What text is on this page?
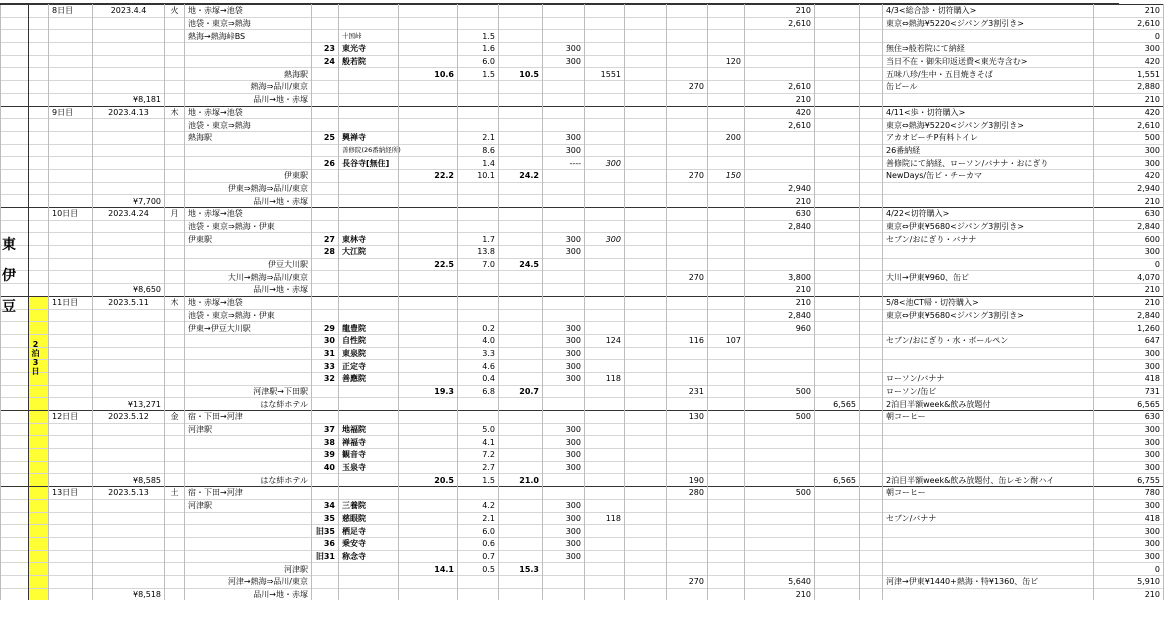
		8日目	2023.4.4	火	地・赤塚→池袋											210			4/3<総合診・切符購入>	210
					池袋・東京⇒熱海											2,610			東京⇔熱海¥5220<ジパング3割引き>	2,610
					熱海→熱海峠BS		十国峠		1.5											0
						23	東光寺		1.6		300								無住⇒般若院にて納経	300
						24	般若院		6.0		300				120				当日不在・御朱印返送費<東光寺含む>	420
					熱海駅			10.6	1.5	10.5		1551							五味八珍/生中・五目焼きそば	1,551
					熱海⇒品川/東京									270		2,610			缶ビール	2,880
			¥8,181		品川→地・赤塚											210				210
		9日目	2023.4.13	木	地・赤塚→池袋											420			4/11<歩・切符購入>	420
					池袋・東京⇒熱海											2,610			東京⇔熱海¥5220<ジパング3割引き>	2,610
					熱海駅	25	興禅寺		2.1		300				200				アカオビーチP有料トイレ	500
							善修院(26番納経所)		8.6		300								26番納経	300
						26	長谷寺[無住]		1.4		----	300							善修院にて納経、ローソン/バナナ・おにぎり	300
					伊東駅			22.2	10.1	24.2				270	150				NewDays/缶ビ・チーカマ	420
					伊東⇒熱海⇒品川/東京											2,940				2,940
			¥7,700		品川→地・赤塚											210				210
		10日目	2023.4.24	月	地・赤塚→池袋											630			4/22<切符購入>	630
					池袋・東京⇒熱海・伊東											2,840			東京⇔伊東¥5680<ジパング3割引き>	2,840
					伊東駅	27	東林寺		1.7		300	300							セブン/おにぎり・バナナ	600
						28	大江院		13.8		300									300
					伊豆大川駅			22.5	7.0	24.5										0
					大川→熱海⇒品川/東京									270		3,800			大川→伊東¥960、缶ビ	4,070
			¥8,650		品川→地・赤塚											210				210
		11日目	2023.5.11	木	地・赤塚→池袋											210			5/8<池CT帰・切符購入>	210
					池袋・東京⇒熱海・伊東											2,840			東京⇔伊東¥5680<ジパング3割引き>	2,840
					伊東→伊豆大川駅	29	龍豊院		0.2		300					960				1,260
						30	自性院		4.0		300	124		116	107				セブン/おにぎり・水・ボールペン	647
						31	東泉院		3.3		300									300
						33	正定寺		4.6		300									300
						32	善應院		0.4		300	118							ローソン/バナナ	418
					河津駅→下田駅			19.3	6.8	20.7				231		500			ローソン/缶ビ	731
			¥13,271		はな絆ホテル												6,565		2泊目半額week&飲み放題付	6,565
		12日目	2023.5.12	金	宿・下田→河津									130		500			朝コーヒー	630
					河津駅	37	地福院		5.0		300									300
						38	禅福寺		4.1		300									300
						39	観音寺		7.2		300									300
						40	玉泉寺		2.7		300									300
			¥8,585		はな絆ホテル			20.5	1.5	21.0				190			6,565		2泊目半額week&飲み放題付、缶レモン酎ハイ	6,755
		13日目	2023.5.13	土	宿・下田→河津									280		500			朝コーヒー	780
					河津駅	34	三養院		4.2		300									300
						35	慈眼院		2.1		300	118							セブン/バナナ	418
						旧35	栖足寺		6.0		300									300
						36	乗安寺		0.6		300									300
						旧31	称念寺		0.7		300									300
					河津駅			14.1	0.5	15.3										0
					河津→熱海⇒品川/東京									270		5,640			河津→伊東¥1440+熱海・特¥1360、缶ビ	5,910
			¥8,518		品川→地・赤塚											210				210
東
伊
豆
2
泊
3
日
